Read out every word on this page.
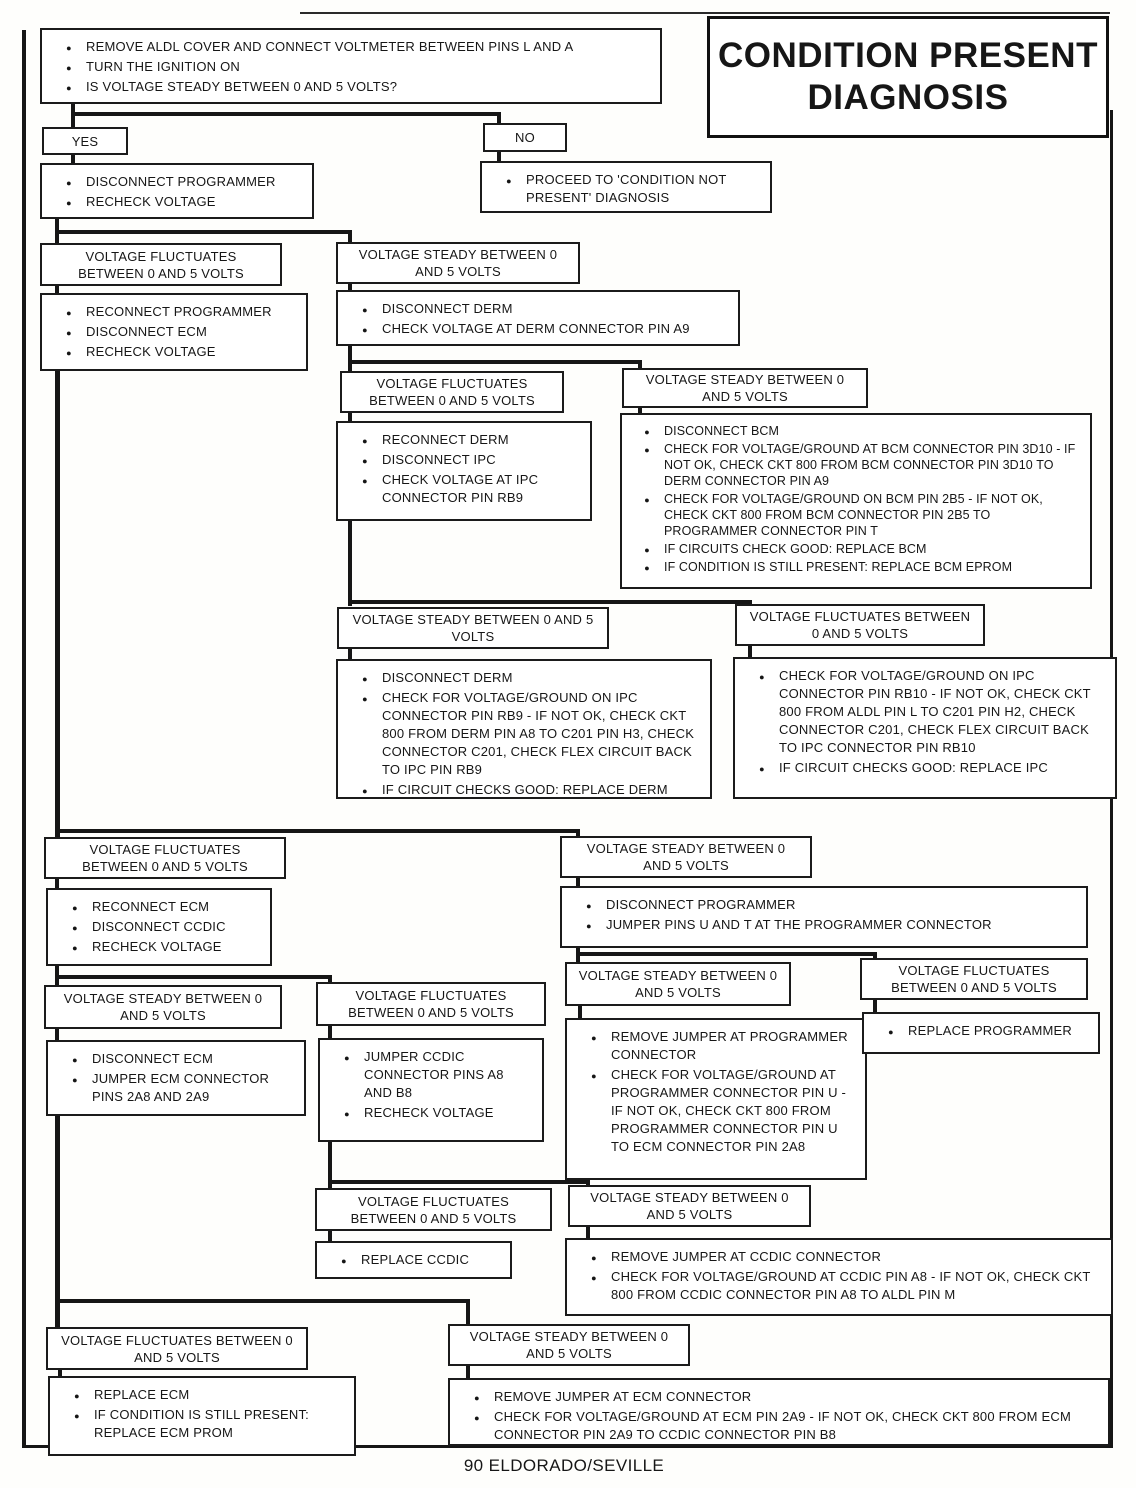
CONDITION PRESENT
DIAGNOSIS
●	REMOVE ALDL COVER AND CONNECT VOLTMETER BETWEEN PINS L AND A
●	TURN THE IGNITION ON
●	IS VOLTAGE STEADY BETWEEN 0 AND 5 VOLTS?
YES	NO
●	DISCONNECT PROGRAMMER
●	RECHECK VOLTAGE
●	PROCEED TO 'CONDITION NOT PRESENT' DIAGNOSIS
VOLTAGE FLUCTUATES BETWEEN 0 AND 5 VOLTS
VOLTAGE STEADY BETWEEN 0 AND 5 VOLTS
●	RECONNECT PROGRAMMER
●	DISCONNECT ECM
●	RECHECK VOLTAGE
●	DISCONNECT DERM
●	CHECK VOLTAGE AT DERM CONNECTOR PIN A9
VOLTAGE FLUCTUATES BETWEEN 0 AND 5 VOLTS
VOLTAGE STEADY BETWEEN 0 AND 5 VOLTS
●	RECONNECT DERM
●	DISCONNECT IPC
●	CHECK VOLTAGE AT IPC CONNECTOR PIN RB9
●	DISCONNECT BCM
●	CHECK FOR VOLTAGE/GROUND AT BCM CONNECTOR PIN 3D10 - IF NOT OK, CHECK CKT 800 FROM BCM CONNECTOR PIN 3D10 TO DERM CONNECTOR PIN A9
●	CHECK FOR VOLTAGE/GROUND ON BCM PIN 2B5 - IF NOT OK, CHECK CKT 800 FROM BCM CONNECTOR PIN 2B5 TO PROGRAMMER CONNECTOR PIN T
●	IF CIRCUITS CHECK GOOD: REPLACE BCM
●	IF CONDITION IS STILL PRESENT: REPLACE BCM EPROM
VOLTAGE STEADY BETWEEN 0 AND 5 VOLTS
VOLTAGE FLUCTUATES BETWEEN 0 AND 5 VOLTS
●	DISCONNECT DERM
●	CHECK FOR VOLTAGE/GROUND ON IPC CONNECTOR PIN RB9 - IF NOT OK, CHECK CKT 800 FROM DERM PIN A8 TO C201 PIN H3, CHECK CONNECTOR C201, CHECK FLEX CIRCUIT BACK TO IPC PIN RB9
●	IF CIRCUIT CHECKS GOOD: REPLACE DERM
●	CHECK FOR VOLTAGE/GROUND ON IPC CONNECTOR PIN RB10 - IF NOT OK, CHECK CKT 800 FROM ALDL PIN L TO C201 PIN H2, CHECK CONNECTOR C201, CHECK FLEX CIRCUIT BACK TO IPC CONNECTOR PIN RB10
●	IF CIRCUIT CHECKS GOOD: REPLACE IPC
VOLTAGE FLUCTUATES BETWEEN 0 AND 5 VOLTS
VOLTAGE STEADY BETWEEN 0 AND 5 VOLTS
●	RECONNECT ECM
●	DISCONNECT CCDIC
●	RECHECK VOLTAGE
●	DISCONNECT PROGRAMMER
●	JUMPER PINS U AND T AT THE PROGRAMMER CONNECTOR
VOLTAGE STEADY BETWEEN 0 AND 5 VOLTS
VOLTAGE FLUCTUATES BETWEEN 0 AND 5 VOLTS
VOLTAGE STEADY BETWEEN 0 AND 5 VOLTS
VOLTAGE FLUCTUATES BETWEEN 0 AND 5 VOLTS
●	DISCONNECT ECM
●	JUMPER ECM CONNECTOR PINS 2A8 AND 2A9
●	JUMPER CCDIC CONNECTOR PINS A8 AND B8
●	RECHECK VOLTAGE
●	REMOVE JUMPER AT PROGRAMMER CONNECTOR
●	CHECK FOR VOLTAGE/GROUND AT PROGRAMMER CONNECTOR PIN U - IF NOT OK, CHECK CKT 800 FROM PROGRAMMER CONNECTOR PIN U TO ECM CONNECTOR PIN 2A8
●	REPLACE PROGRAMMER
VOLTAGE FLUCTUATES BETWEEN 0 AND 5 VOLTS
VOLTAGE STEADY BETWEEN 0 AND 5 VOLTS
●	REPLACE CCDIC	●	REMOVE JUMPER AT CCDIC CONNECTOR
●	CHECK FOR VOLTAGE/GROUND AT CCDIC PIN A8 - IF NOT OK, CHECK CKT 800 FROM CCDIC CONNECTOR PIN A8 TO ALDL PIN M
VOLTAGE FLUCTUATES BETWEEN 0 AND 5 VOLTS
VOLTAGE STEADY BETWEEN 0 AND 5 VOLTS
●	REPLACE ECM
●	IF CONDITION IS STILL PRESENT: REPLACE ECM PROM
●	REMOVE JUMPER AT ECM CONNECTOR
●	CHECK FOR VOLTAGE/GROUND AT ECM PIN 2A9 - IF NOT OK, CHECK CKT 800 FROM ECM CONNECTOR PIN 2A9 TO CCDIC CONNECTOR PIN B8
90 ELDORADO/SEVILLE
